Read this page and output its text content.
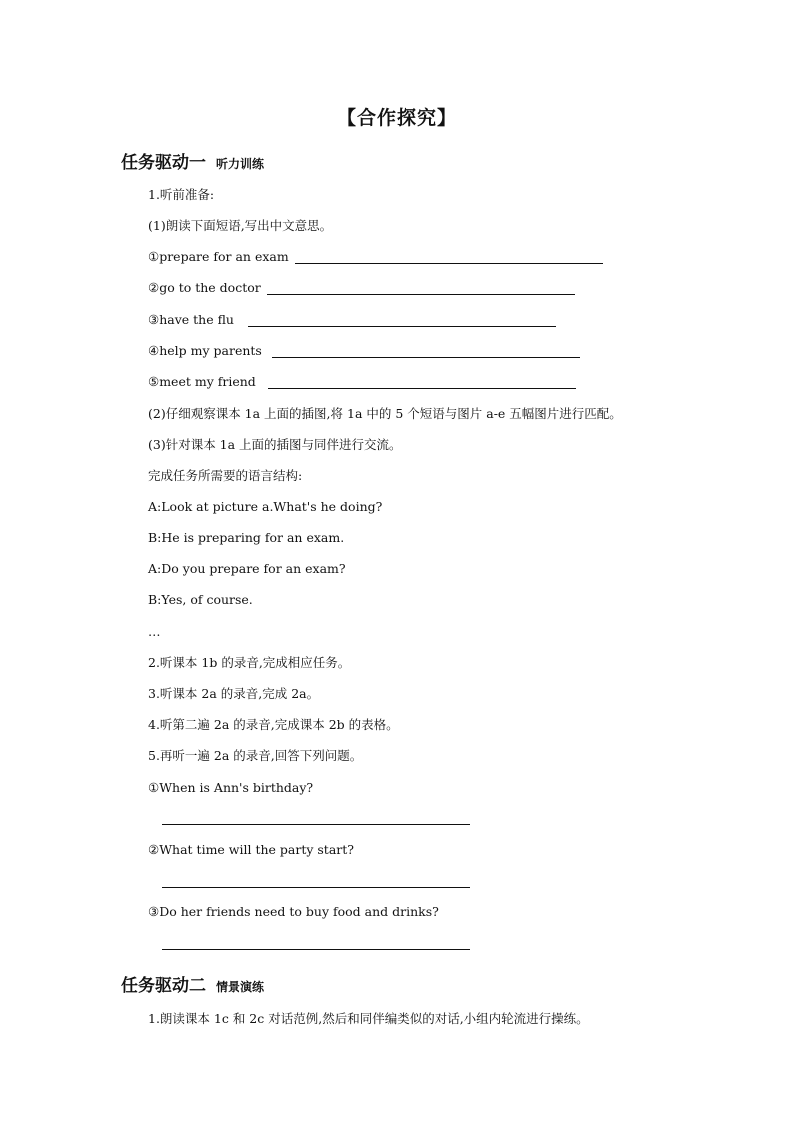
【合作探究】
任务驱动一 听力训练
1.听前准备:
(1)朗读下面短语,写出中文意思。
①prepare for an exam
②go to the doctor
③have the flu
④help my parents
⑤meet my friend
(2)仔细观察课本 1a 上面的插图,将 1a 中的 5 个短语与图片 a-e 五幅图片进行匹配。
(3)针对课本 1a 上面的插图与同伴进行交流。
完成任务所需要的语言结构:
A:Look at picture a.What's he doing?
B:He is preparing for an exam.
A:Do you prepare for an exam?
B:Yes, of course.
…
2.听课本 1b 的录音,完成相应任务。
3.听课本 2a 的录音,完成 2a。
4.听第二遍 2a 的录音,完成课本 2b 的表格。
5.再听一遍 2a 的录音,回答下列问题。
①When is Ann's birthday?
②What time will the party start?
③Do her friends need to buy food and drinks?
任务驱动二 情景演练
1.朗读课本 1c 和 2c 对话范例,然后和同伴编类似的对话,小组内轮流进行操练。
